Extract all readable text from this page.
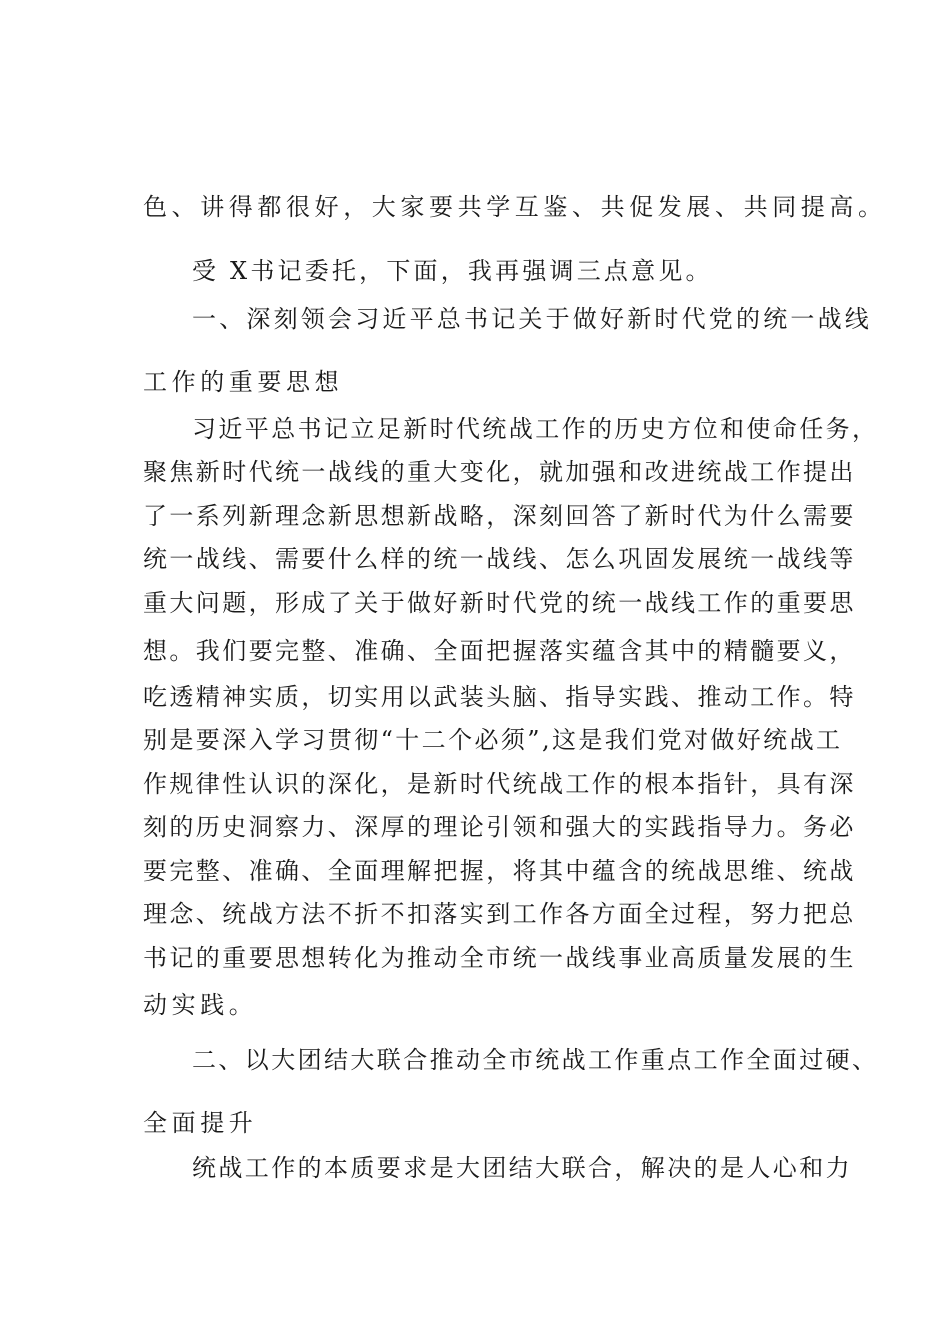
色、讲得都很好，大家要共学互鉴、共促发展、共同提高。
受 X书记委托，下面，我再强调三点意见。
一、深刻领会习近平总书记关于做好新时代党的统一战线
工作的重要思想
习近平总书记立足新时代统战工作的历史方位和使命任务，
聚焦新时代统一战线的重大变化，就加强和改进统战工作提出
了一系列新理念新思想新战略，深刻回答了新时代为什么需要
统一战线、需要什么样的统一战线、怎么巩固发展统一战线等
重大问题，形成了关于做好新时代党的统一战线工作的重要思
想。我们要完整、准确、全面把握落实蕴含其中的精髓要义，
吃透精神实质，切实用以武装头脑、指导实践、推动工作。特
别是要深入学习贯彻“十二个必须”,这是我们党对做好统战工
作规律性认识的深化，是新时代统战工作的根本指针，具有深
刻的历史洞察力、深厚的理论引领和强大的实践指导力。务必
要完整、准确、全面理解把握，将其中蕴含的统战思维、统战
理念、统战方法不折不扣落实到工作各方面全过程，努力把总
书记的重要思想转化为推动全市统一战线事业高质量发展的生
动实践。
二、以大团结大联合推动全市统战工作重点工作全面过硬、
全面提升
统战工作的本质要求是大团结大联合，解决的是人心和力
